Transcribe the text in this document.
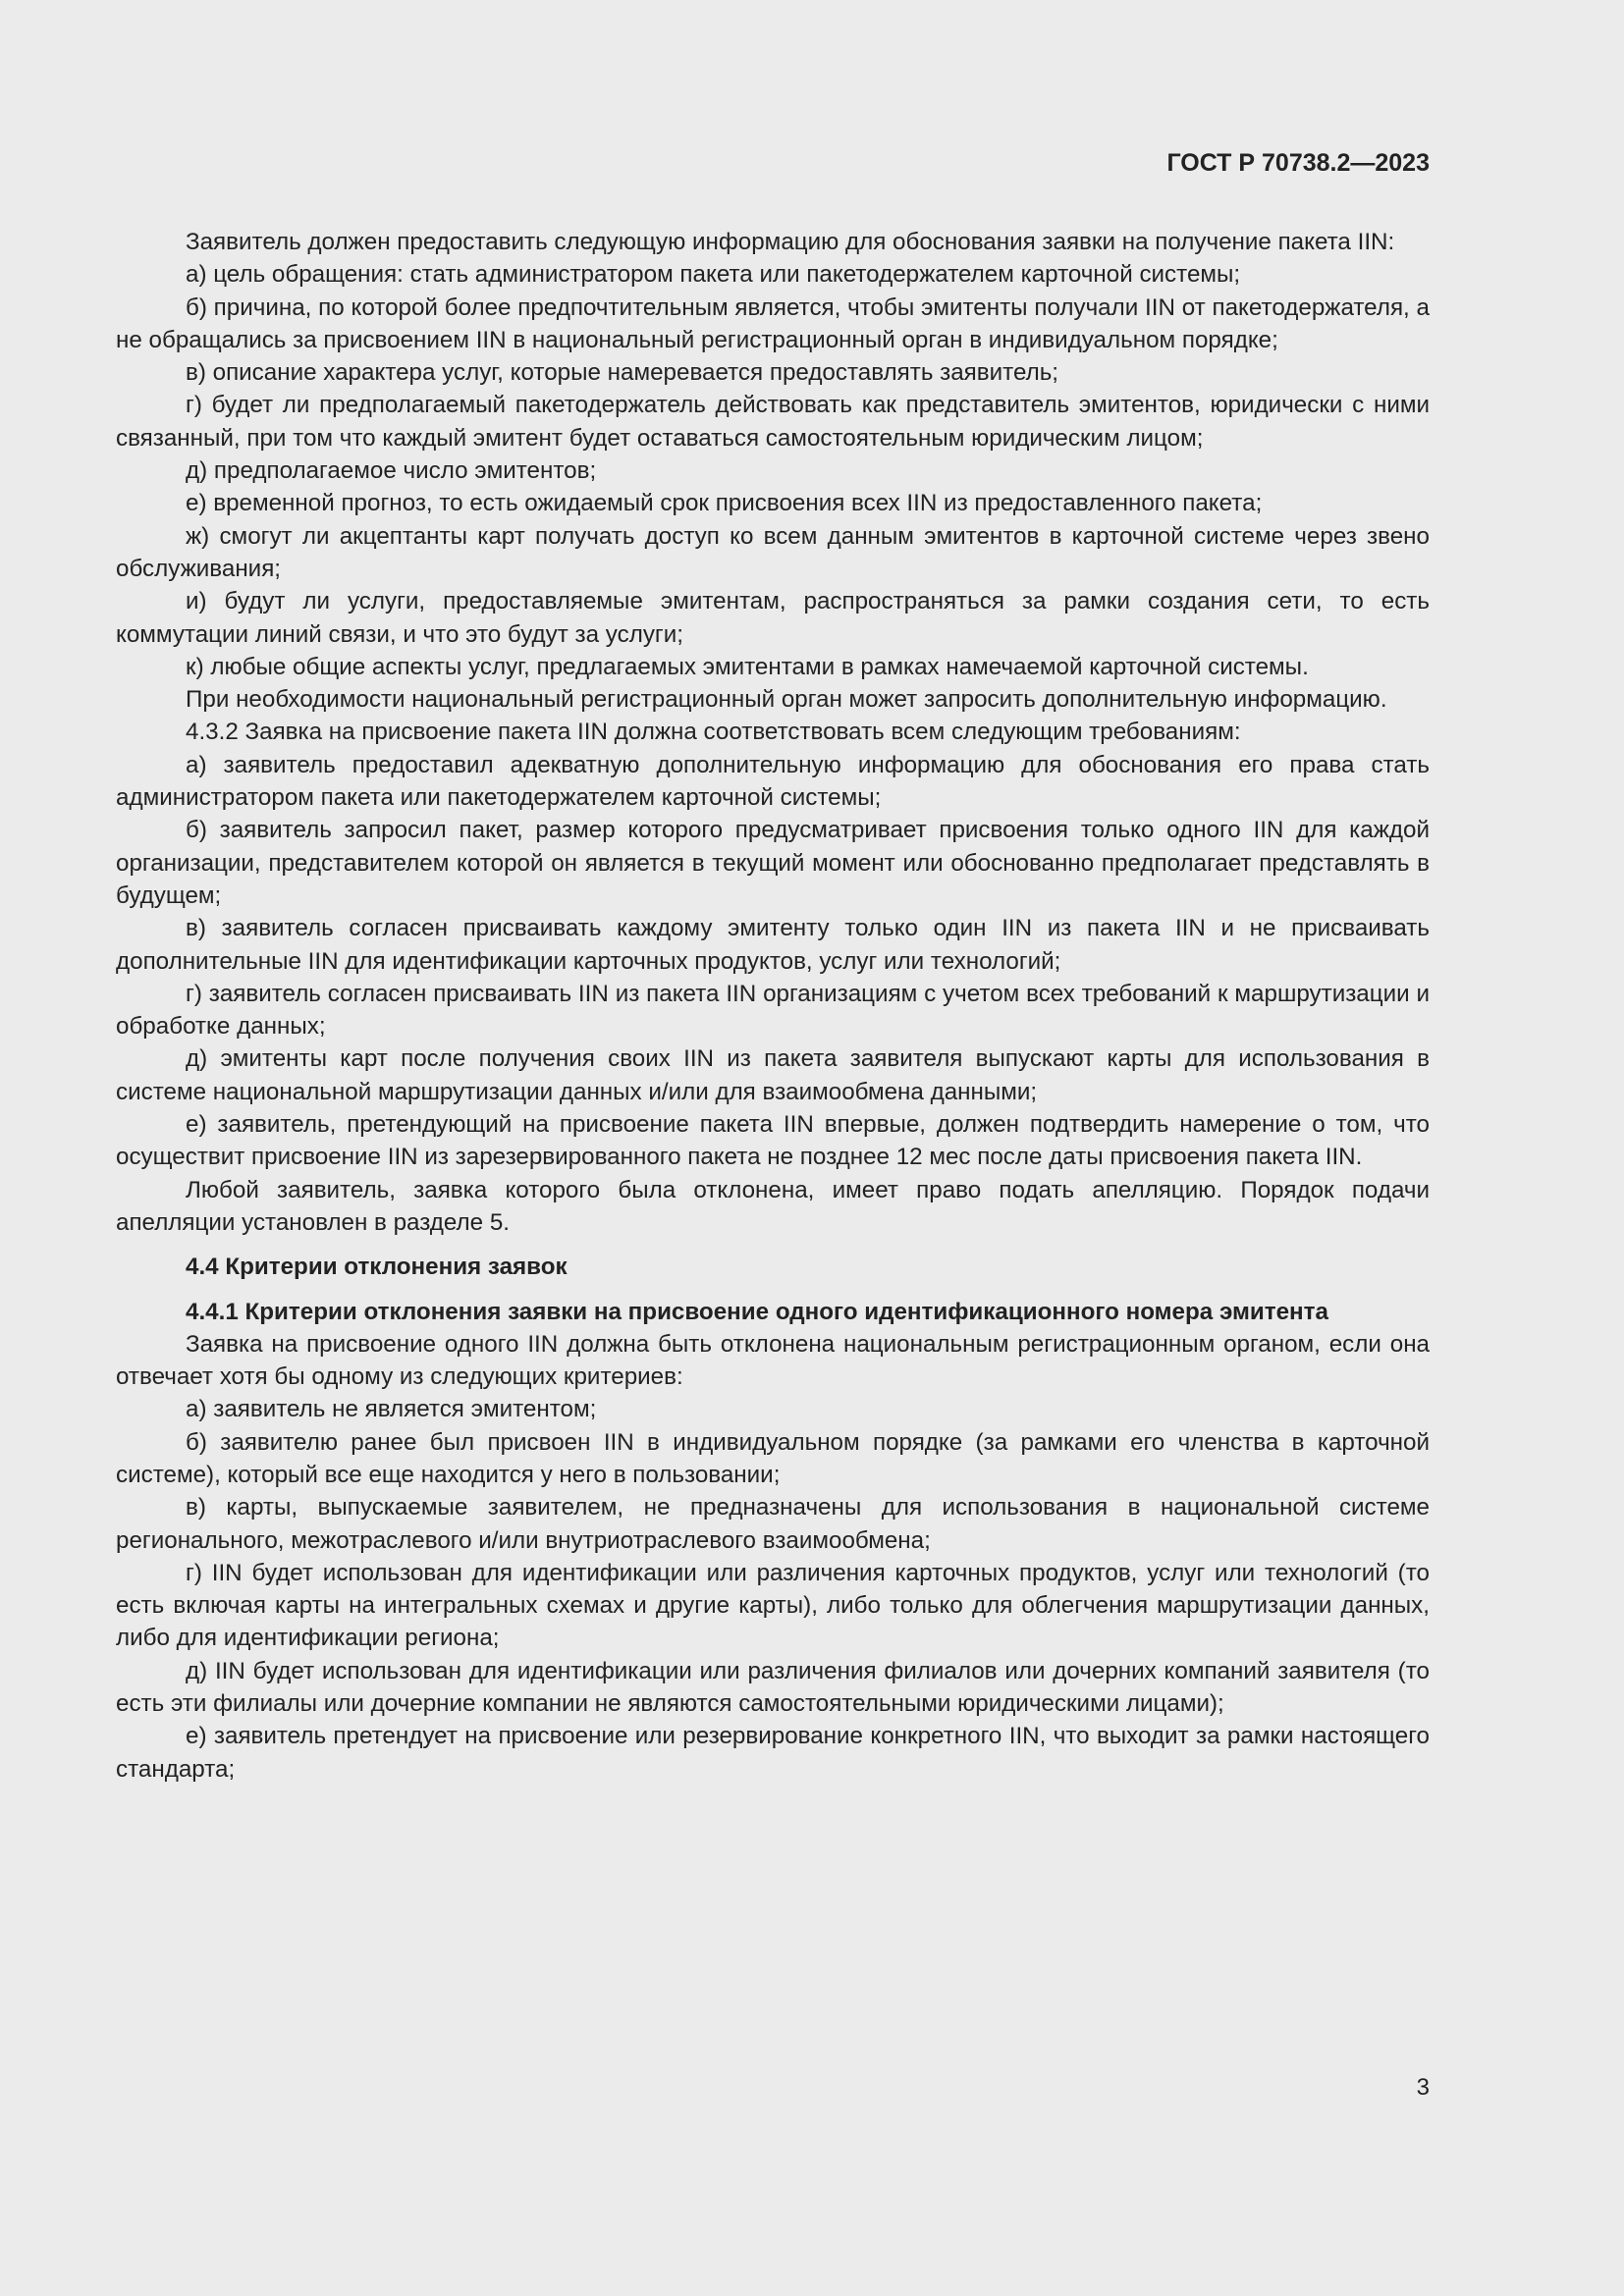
ГОСТ Р 70738.2—2023

Заявитель должен предоставить следующую информацию для обоснования заявки на получение пакета IIN:

а) цель обращения: стать администратором пакета или пакетодержателем карточной системы;

б) причина, по которой более предпочтительным является, чтобы эмитенты получали IIN от пакетодержателя, а не обращались за присвоением IIN в национальный регистрационный орган в индивидуальном порядке;

в) описание характера услуг, которые намеревается предоставлять заявитель;

г) будет ли предполагаемый пакетодержатель действовать как представитель эмитентов, юридически с ними связанный, при том что каждый эмитент будет оставаться самостоятельным юридическим лицом;

д) предполагаемое число эмитентов;

е) временной прогноз, то есть ожидаемый срок присвоения всех IIN из предоставленного пакета;

ж) смогут ли акцептанты карт получать доступ ко всем данным эмитентов в карточной системе через звено обслуживания;

и) будут ли услуги, предоставляемые эмитентам, распространяться за рамки создания сети, то есть коммутации линий связи, и что это будут за услуги;

к) любые общие аспекты услуг, предлагаемых эмитентами в рамках намечаемой карточной системы.

При необходимости национальный регистрационный орган может запросить дополнительную информацию.

4.3.2 Заявка на присвоение пакета IIN должна соответствовать всем следующим требованиям:

а) заявитель предоставил адекватную дополнительную информацию для обоснования его права стать администратором пакета или пакетодержателем карточной системы;

б) заявитель запросил пакет, размер которого предусматривает присвоения только одного IIN для каждой организации, представителем которой он является в текущий момент или обоснованно предполагает представлять в будущем;

в) заявитель согласен присваивать каждому эмитенту только один IIN из пакета IIN и не присваивать дополнительные IIN для идентификации карточных продуктов, услуг или технологий;

г) заявитель согласен присваивать IIN из пакета IIN организациям с учетом всех требований к маршрутизации и обработке данных;

д) эмитенты карт после получения своих IIN из пакета заявителя выпускают карты для использования в системе национальной маршрутизации данных и/или для взаимообмена данными;

е) заявитель, претендующий на присвоение пакета IIN впервые, должен подтвердить намерение о том, что осуществит присвоение IIN из зарезервированного пакета не позднее 12 мес после даты присвоения пакета IIN.

Любой заявитель, заявка которого была отклонена, имеет право подать апелляцию. Порядок подачи апелляции установлен в разделе 5.

4.4 Критерии отклонения заявок

4.4.1 Критерии отклонения заявки на присвоение одного идентификационного номера эмитента

Заявка на присвоение одного IIN должна быть отклонена национальным регистрационным органом, если она отвечает хотя бы одному из следующих критериев:

а) заявитель не является эмитентом;

б) заявителю ранее был присвоен IIN в индивидуальном порядке (за рамками его членства в карточной системе), который все еще находится у него в пользовании;

в) карты, выпускаемые заявителем, не предназначены для использования в национальной системе регионального, межотраслевого и/или внутриотраслевого взаимообмена;

г) IIN будет использован для идентификации или различения карточных продуктов, услуг или технологий (то есть включая карты на интегральных схемах и другие карты), либо только для облегчения маршрутизации данных, либо для идентификации региона;

д) IIN будет использован для идентификации или различения филиалов или дочерних компаний заявителя (то есть эти филиалы или дочерние компании не являются самостоятельными юридическими лицами);

е) заявитель претендует на присвоение или резервирование конкретного IIN, что выходит за рамки настоящего стандарта;

3
